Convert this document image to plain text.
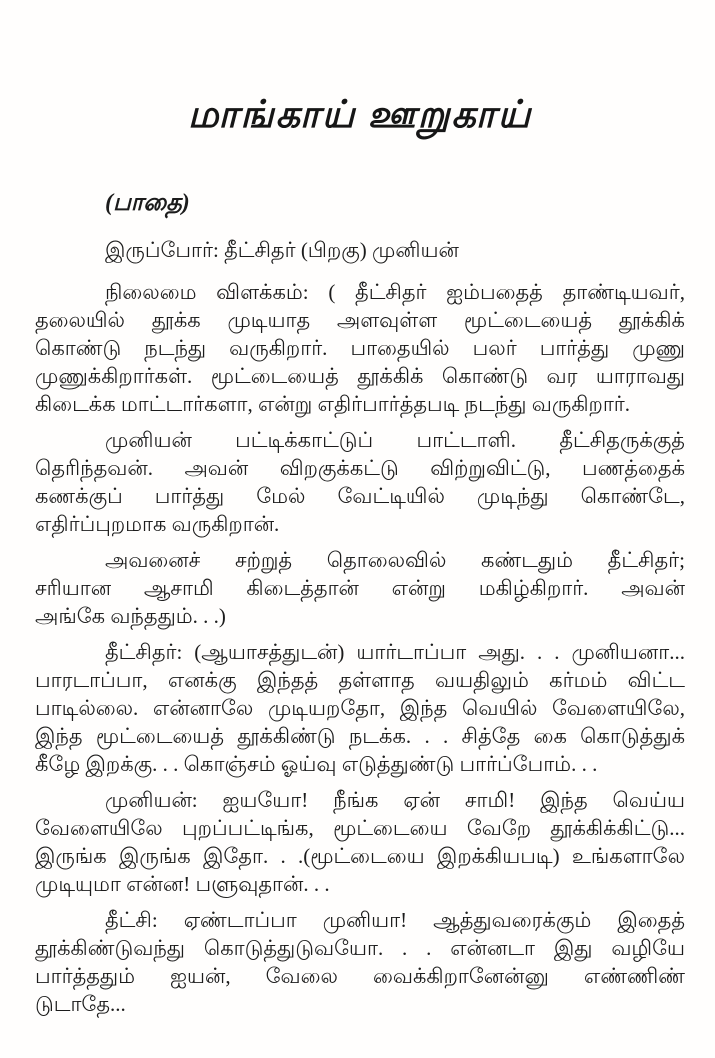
மாங்காய் ஊறுகாய்
(பாதை)
இருப்போர்: தீட்சிதர் (பிறகு) முனியன்
நிலைமை விளக்கம்: ( தீட்சிதர் ஐம்பதைத் தாண்டியவர்,
தலையில் தூக்க முடியாத அளவுள்ள மூட்டையைத் தூக்கிக்
கொண்டு நடந்து வருகிறார். பாதையில் பலர் பார்த்து முணு
முணுக்கிறார்கள். மூட்டையைத் தூக்கிக் கொண்டு வர யாராவது
கிடைக்க மாட்டார்களா, என்று எதிர்பார்த்தபடி நடந்து வருகிறார்.
முனியன் பட்டிக்காட்டுப் பாட்டாளி. தீட்சிதருக்குத்
தெரிந்தவன். அவன் விறகுக்கட்டு விற்றுவிட்டு, பணத்தைக்
கணக்குப் பார்த்து மேல் வேட்டியில் முடிந்து கொண்டே,
எதிர்ப்புறமாக வருகிறான்.
அவனைச் சற்றுத் தொலைவில் கண்டதும் தீட்சிதர்;
சரியான ஆசாமி கிடைத்தான் என்று மகிழ்கிறார். அவன்
அங்கே வந்ததும். . .)
தீட்சிதர்: (ஆயாசத்துடன்) யார்டாப்பா அது. . . முனியனா...
பாரடாப்பா, எனக்கு இந்தத் தள்ளாத வயதிலும் கர்மம் விட்ட
பாடில்லை. என்னாலே முடியறதோ, இந்த வெயில் வேளையிலே,
இந்த மூட்டையைத் தூக்கிண்டு நடக்க. . . சித்தே கை கொடுத்துக்
கீழே இறக்கு. . . கொஞ்சம் ஓய்வு எடுத்துண்டு பார்ப்போம். . .
முனியன்: ஐயயோ! நீங்க ஏன் சாமி! இந்த வெய்ய
வேளையிலே புறப்பட்டிங்க, மூட்டையை வேறே தூக்கிக்கிட்டு...
இருங்க இருங்க இதோ. . .(மூட்டையை இறக்கியபடி) உங்களாலே
முடியுமா என்ன! பளுவுதான். . .
தீட்சி: ஏண்டாப்பா முனியா! ஆத்துவரைக்கும் இதைத்
தூக்கிண்டுவந்து கொடுத்துடுவயோ. . . என்னடா இது வழியே
பார்த்ததும் ஐயன், வேலை வைக்கிறானேன்னு எண்ணிண்
டுடாதே...
